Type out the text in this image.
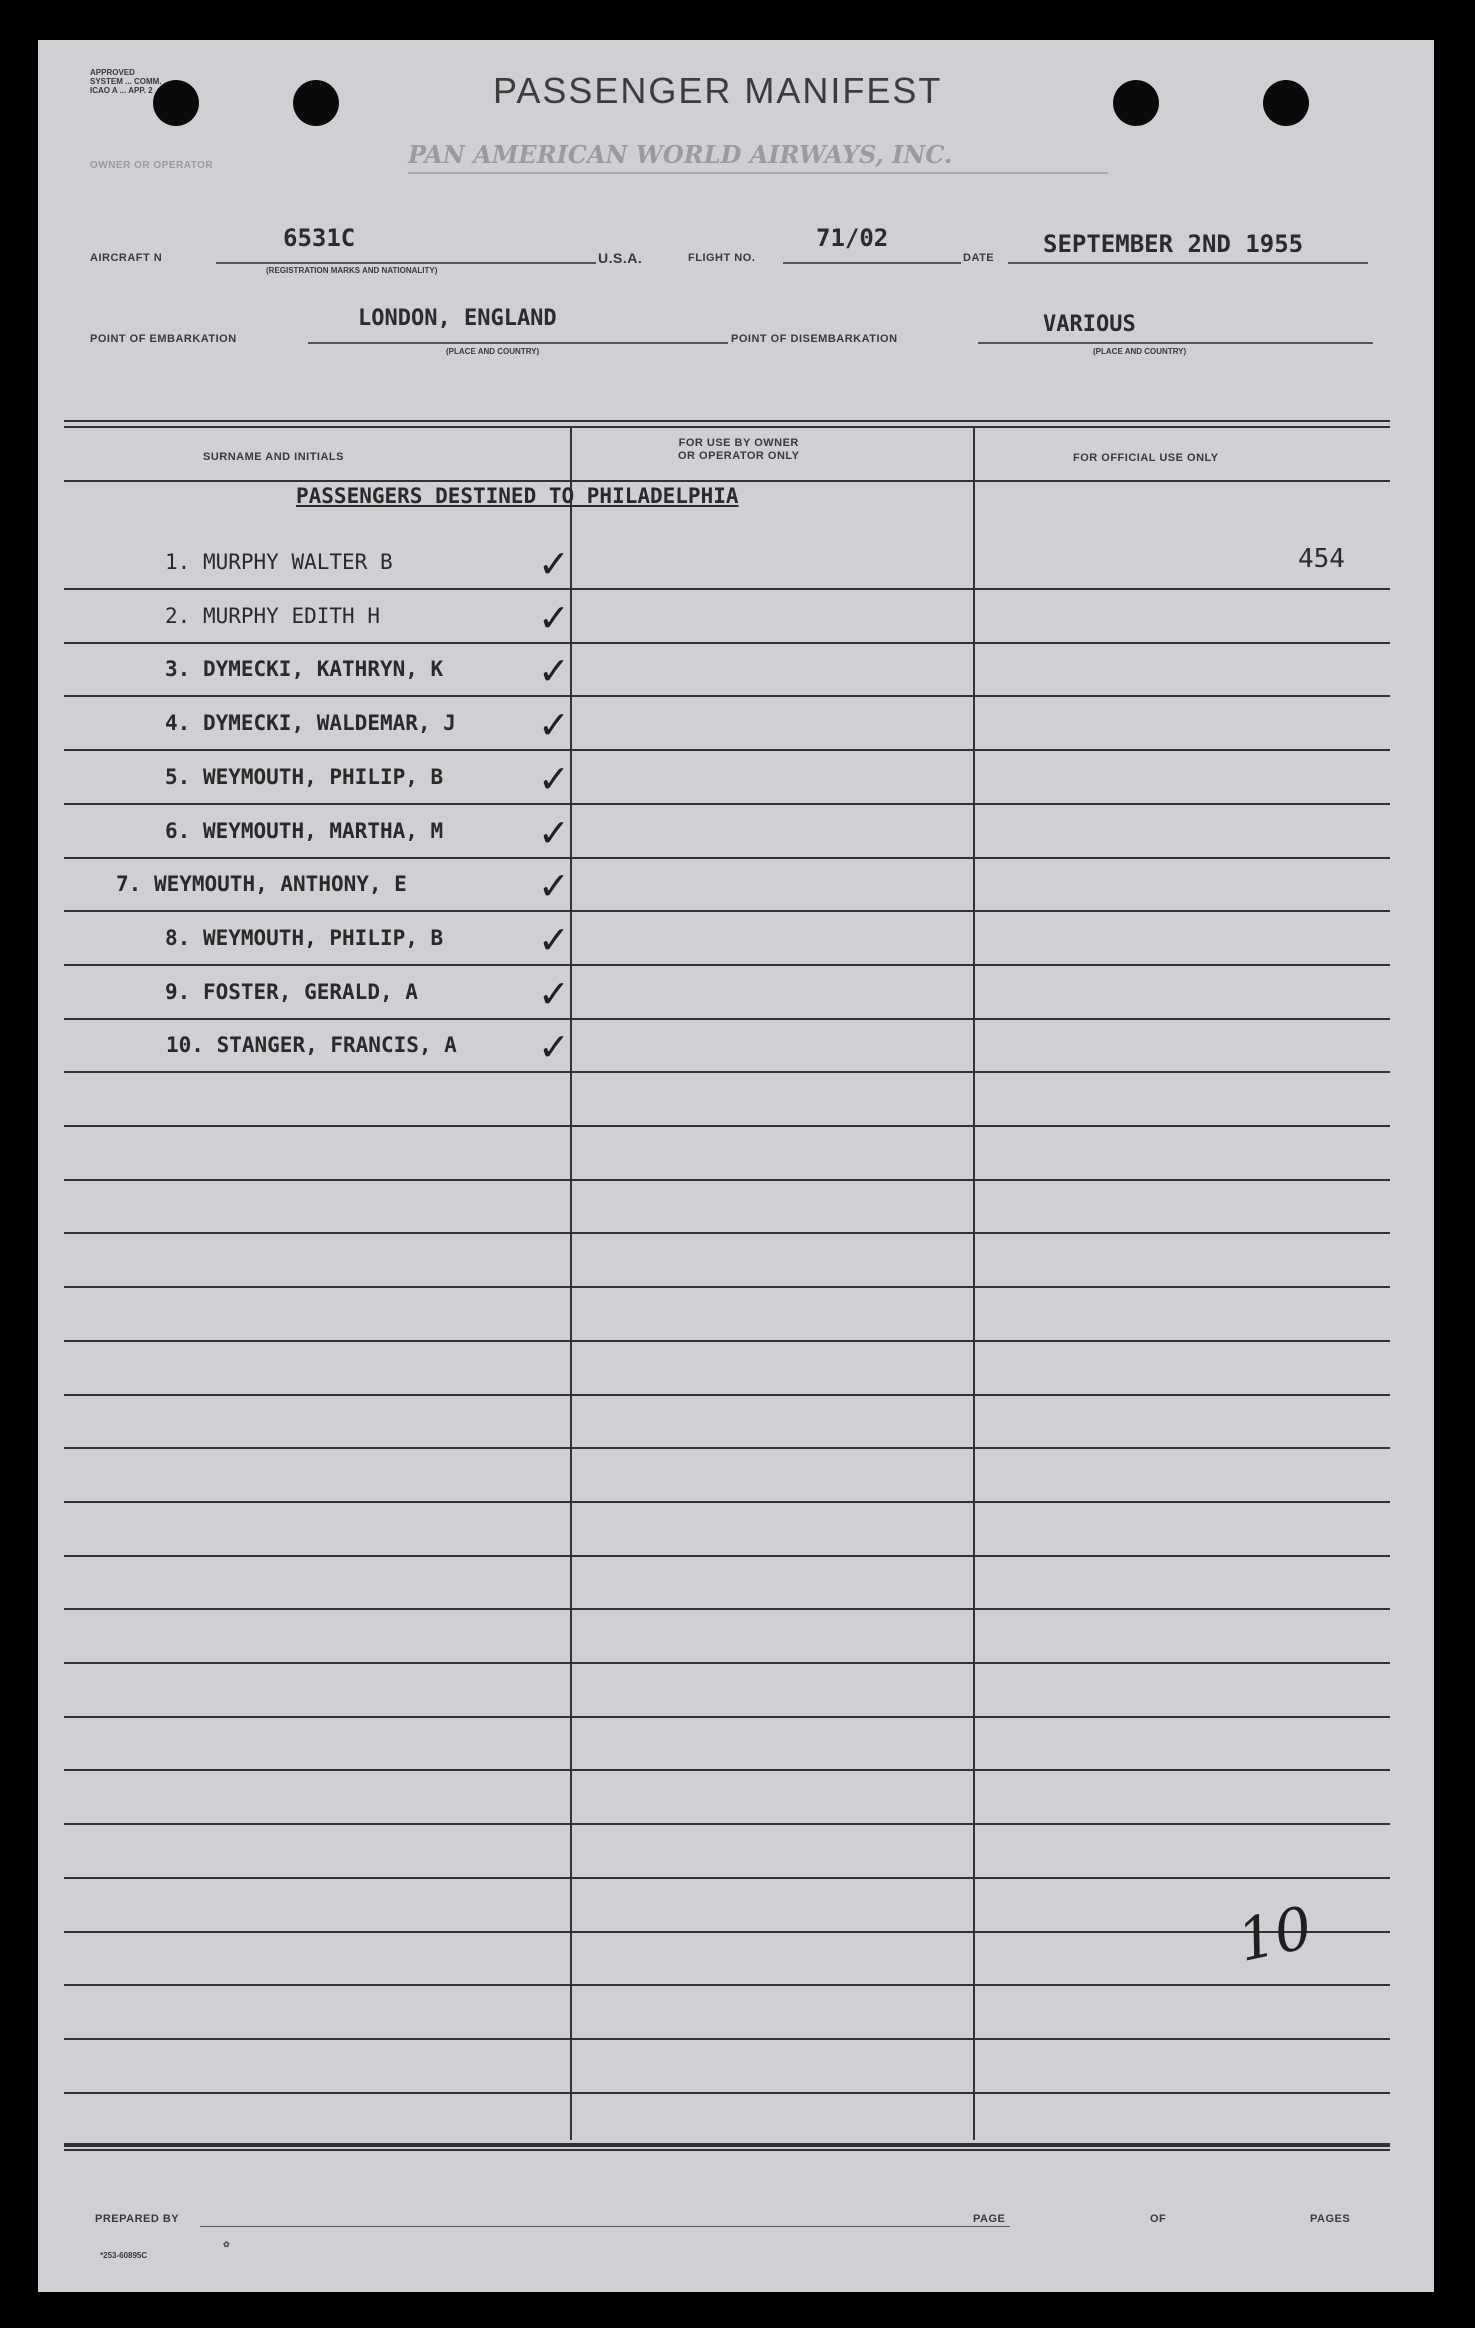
APPROVED
SYSTEM ... COMM.
ICAO A ... APP. 2	PASSENGER MANIFEST
OWNER OR OPERATOR	PAN AMERICAN WORLD AIRWAYS, INC.
AIRCRAFT N
6531C
(REGISTRATION MARKS AND NATIONALITY)
U.S.A.	FLIGHT NO.
71/02
DATE SEPTEMBER 2ND 1955
POINT OF EMBARKATION
LONDON, ENGLAND
(PLACE AND COUNTRY)
POINT OF DISEMBARKATION
VARIOUS
(PLACE AND COUNTRY)
SURNAME AND INITIALS
FOR USE BY OWNER
OR OPERATOR ONLY	FOR OFFICIAL USE ONLY
PASSENGERS DESTINED TO PHILADELPHIA
1. MURPHY WALTER B	✓	454
2. MURPHY EDITH H	✓
3. DYMECKI, KATHRYN, K ✓
4. DYMECKI, WALDEMAR, J ✓
5. WEYMOUTH, PHILIP, B ✓
6. WEYMOUTH, MARTHA, M ✓
7. WEYMOUTH, ANTHONY, E	✓
8. WEYMOUTH, PHILIP, B ✓
9. FOSTER, GERALD, A	✓
10. STANGER, FRANCIS, A ✓
10
PREPARED BY	PAGE	OF	PAGES
*253-60895C
✿
